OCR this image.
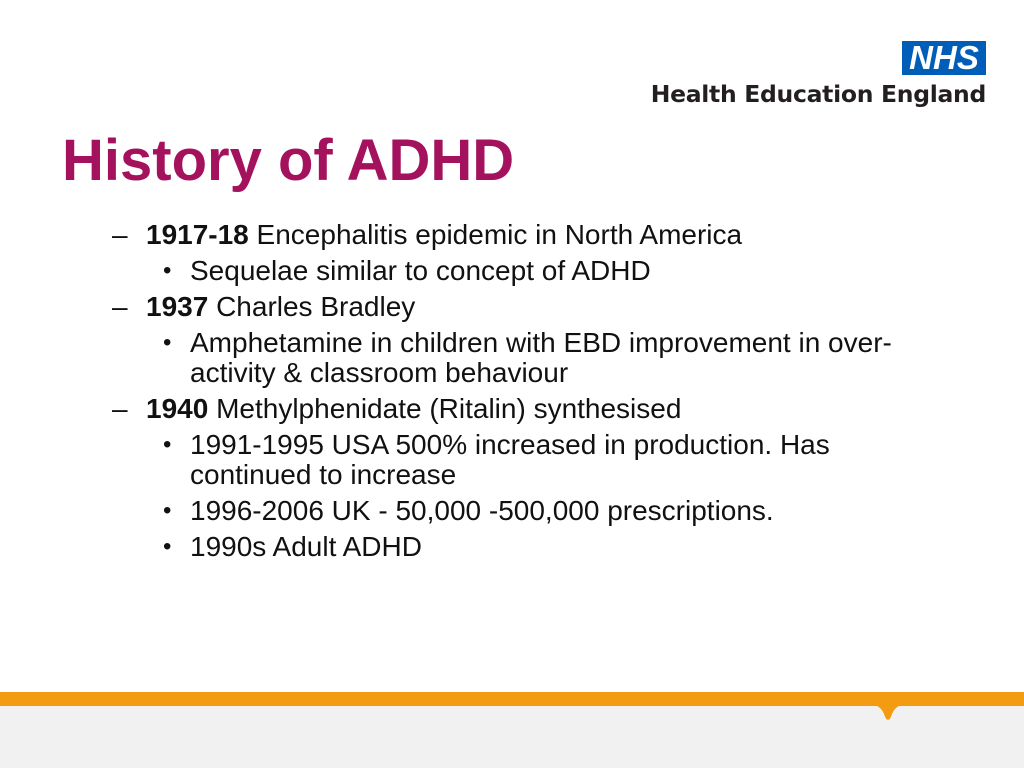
NHS
Health Education England
History of ADHD
– 1917-18 Encephalitis epidemic in North America
• Sequelae similar to concept of ADHD
– 1937 Charles Bradley
• Amphetamine in children with EBD improvement in over-activity & classroom behaviour
– 1940 Methylphenidate (Ritalin) synthesised
• 1991-1995 USA 500% increased in production. Has continued to increase
• 1996-2006 UK - 50,000 -500,000 prescriptions.
• 1990s Adult ADHD
